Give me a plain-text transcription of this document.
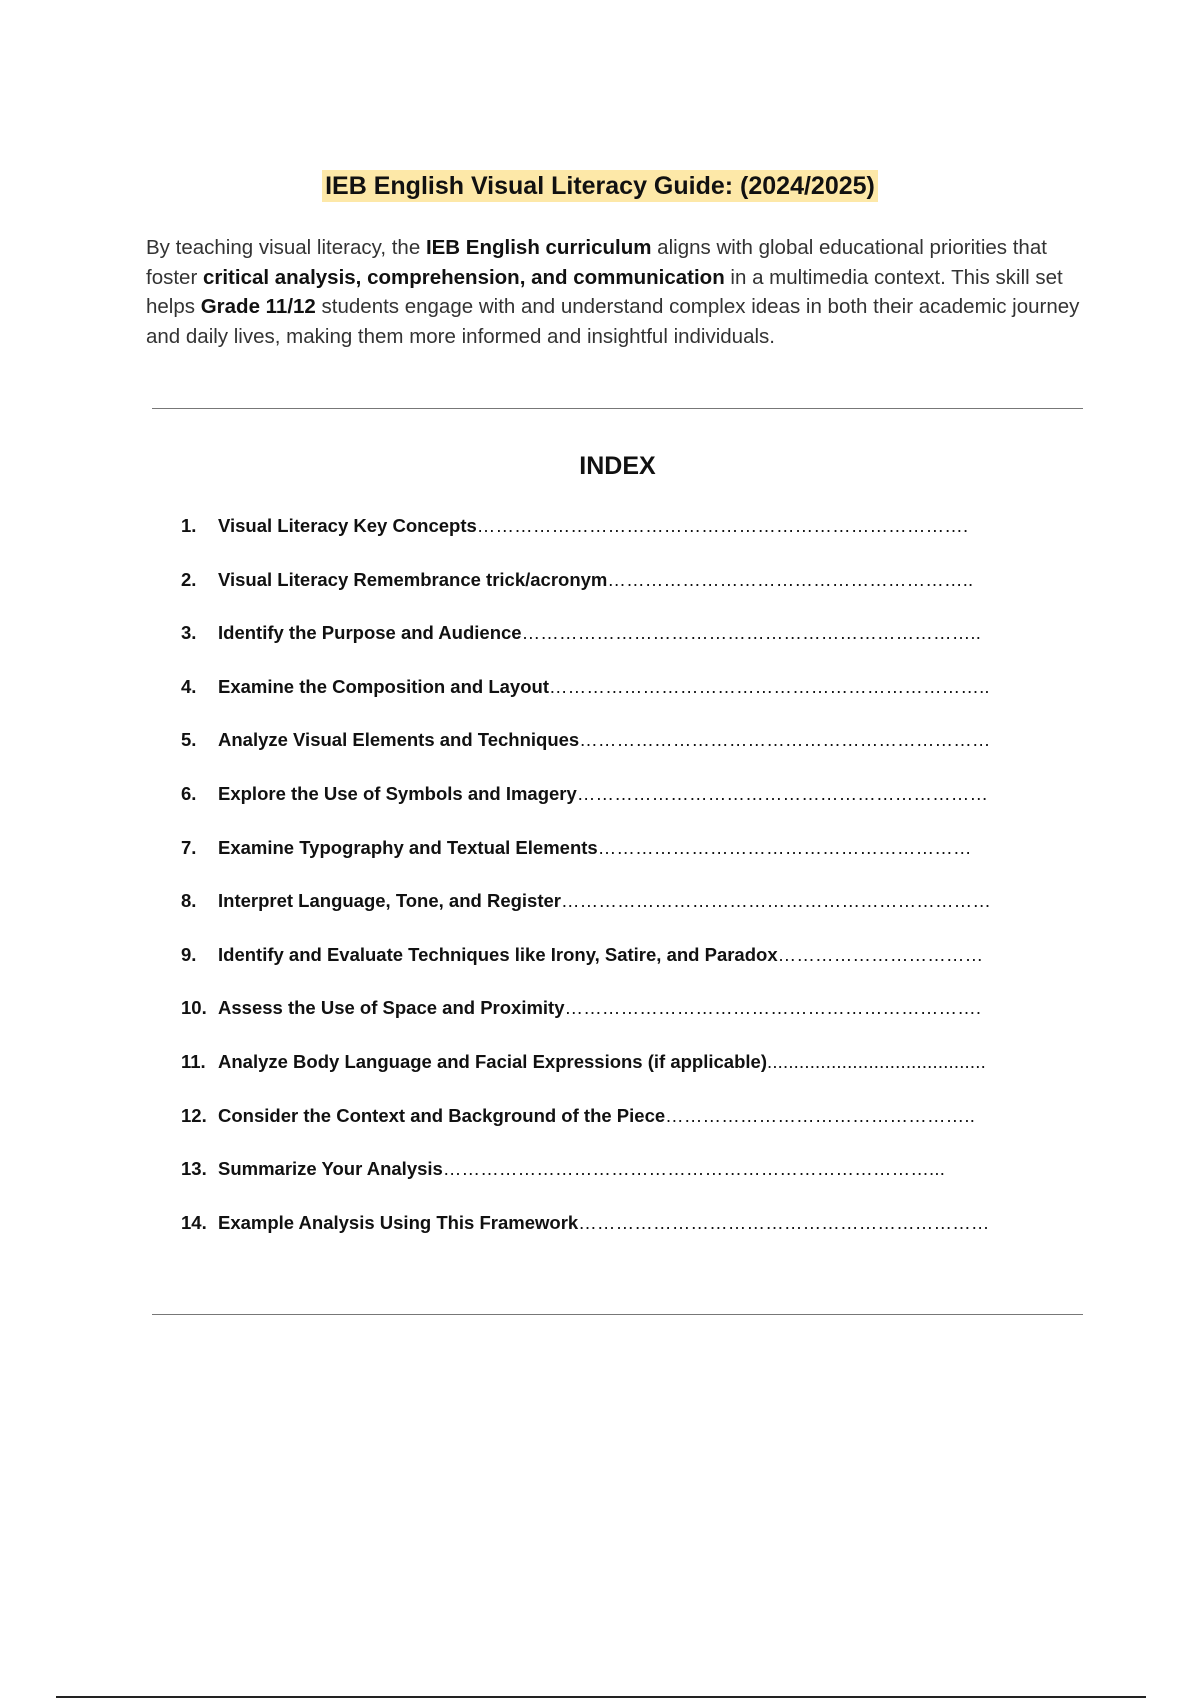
IEB English Visual Literacy Guide: (2024/2025)

By teaching visual literacy, the IEB English curriculum aligns with global educational priorities that foster critical analysis, comprehension, and communication in a multimedia context. This skill set helps Grade 11/12 students engage with and understand complex ideas in both their academic journey and daily lives, making them more informed and insightful individuals.

INDEX
1.	Visual Literacy Key Concepts …………………………………………………………………….
2.	Visual Literacy Remembrance trick/acronym …………………………………………………..
3.	Identify the Purpose and Audience ………………………………………………………………..
4.	Examine the Composition and Layout ……………………………………………………………..
5.	Analyze Visual Elements and Techniques …………………………………………………………
6.	Explore the Use of Symbols and Imagery …………………………………………………………
7.	Examine Typography and Textual Elements ……………………………………………………
8.	Interpret Language, Tone, and Register ……………………………………………………………
9.	Identify and Evaluate Techniques like Irony, Satire, and Paradox ……………………………
10. Assess the Use of Space and Proximity ………………………………………………………….
11. Analyze Body Language and Facial Expressions (if applicable) .........................................
12. Consider the Context and Background of the Piece …………………………………………..
13. Summarize Your Analysis ……………………………………………………………………...
14. Example Analysis Using This Framework …………………………………………………………
